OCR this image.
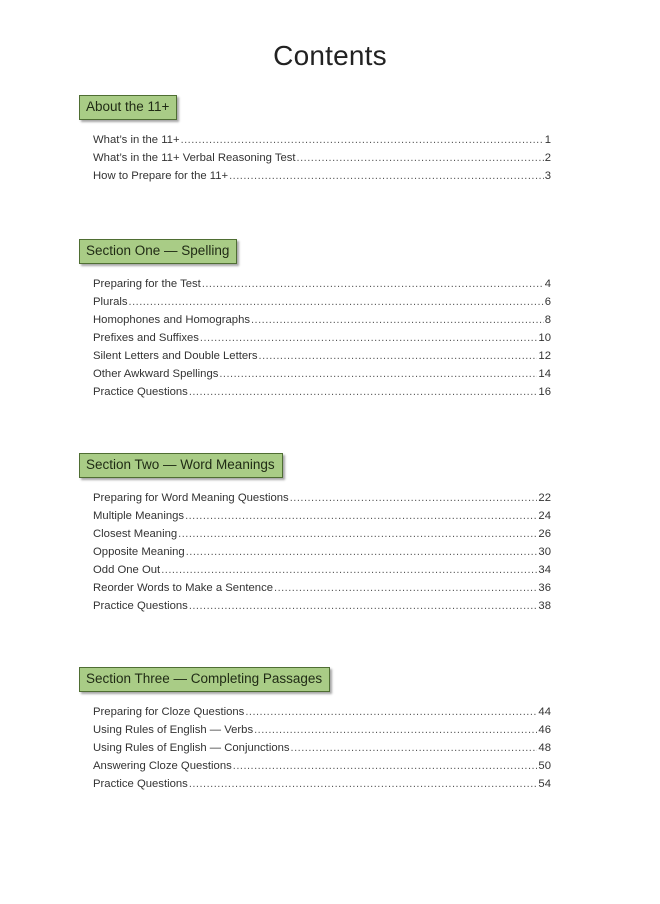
Contents
About the 11+
What’s in the 11+ .....	1
What’s in the 11+ Verbal Reasoning Test .....	2
How to Prepare for the 11+ .....	3
Section One — Spelling
Preparing for the Test .....	4
Plurals .....	6
Homophones and Homographs .....	8
Prefixes and Suffixes .....	10
Silent Letters and Double Letters .....	12
Other Awkward Spellings .....	14
Practice Questions .....	16
Section Two — Word Meanings
Preparing for Word Meaning Questions .....	22
Multiple Meanings .....	24
Closest Meaning .....	26
Opposite Meaning .....	30
Odd One Out .....	34
Reorder Words to Make a Sentence .....	36
Practice Questions .....	38
Section Three — Completing Passages
Preparing for Cloze Questions .....	44
Using Rules of English — Verbs .....	46
Using Rules of English — Conjunctions .....	48
Answering Cloze Questions .....	50
Practice Questions .....	54
